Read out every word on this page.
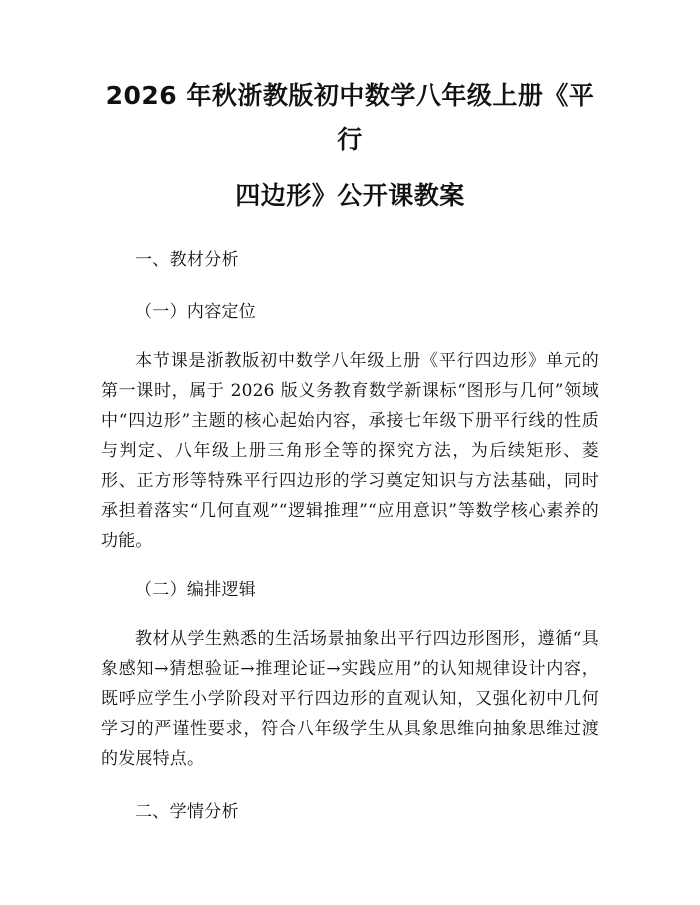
2026 年秋浙教版初中数学八年级上册《平行
四边形》公开课教案
一、教材分析
（一）内容定位

本节课是浙教版初中数学八年级上册《平行四边形》单元的第一课时，属于 2026 版义务教育数学新课标“图形与几何”领域中“四边形”主题的核心起始内容，承接七年级下册平行线的性质与判定、八年级上册三角形全等的探究方法，为后续矩形、菱形、正方形等特殊平行四边形的学习奠定知识与方法基础，同时承担着落实“几何直观”“逻辑推理”“应用意识”等数学核心素养的功能。

（二）编排逻辑

教材从学生熟悉的生活场景抽象出平行四边形图形，遵循“具象感知→猜想验证→推理论证→实践应用”的认知规律设计内容，既呼应学生小学阶段对平行四边形的直观认知，又强化初中几何学习的严谨性要求，符合八年级学生从具象思维向抽象思维过渡的发展特点。

二、学情分析
